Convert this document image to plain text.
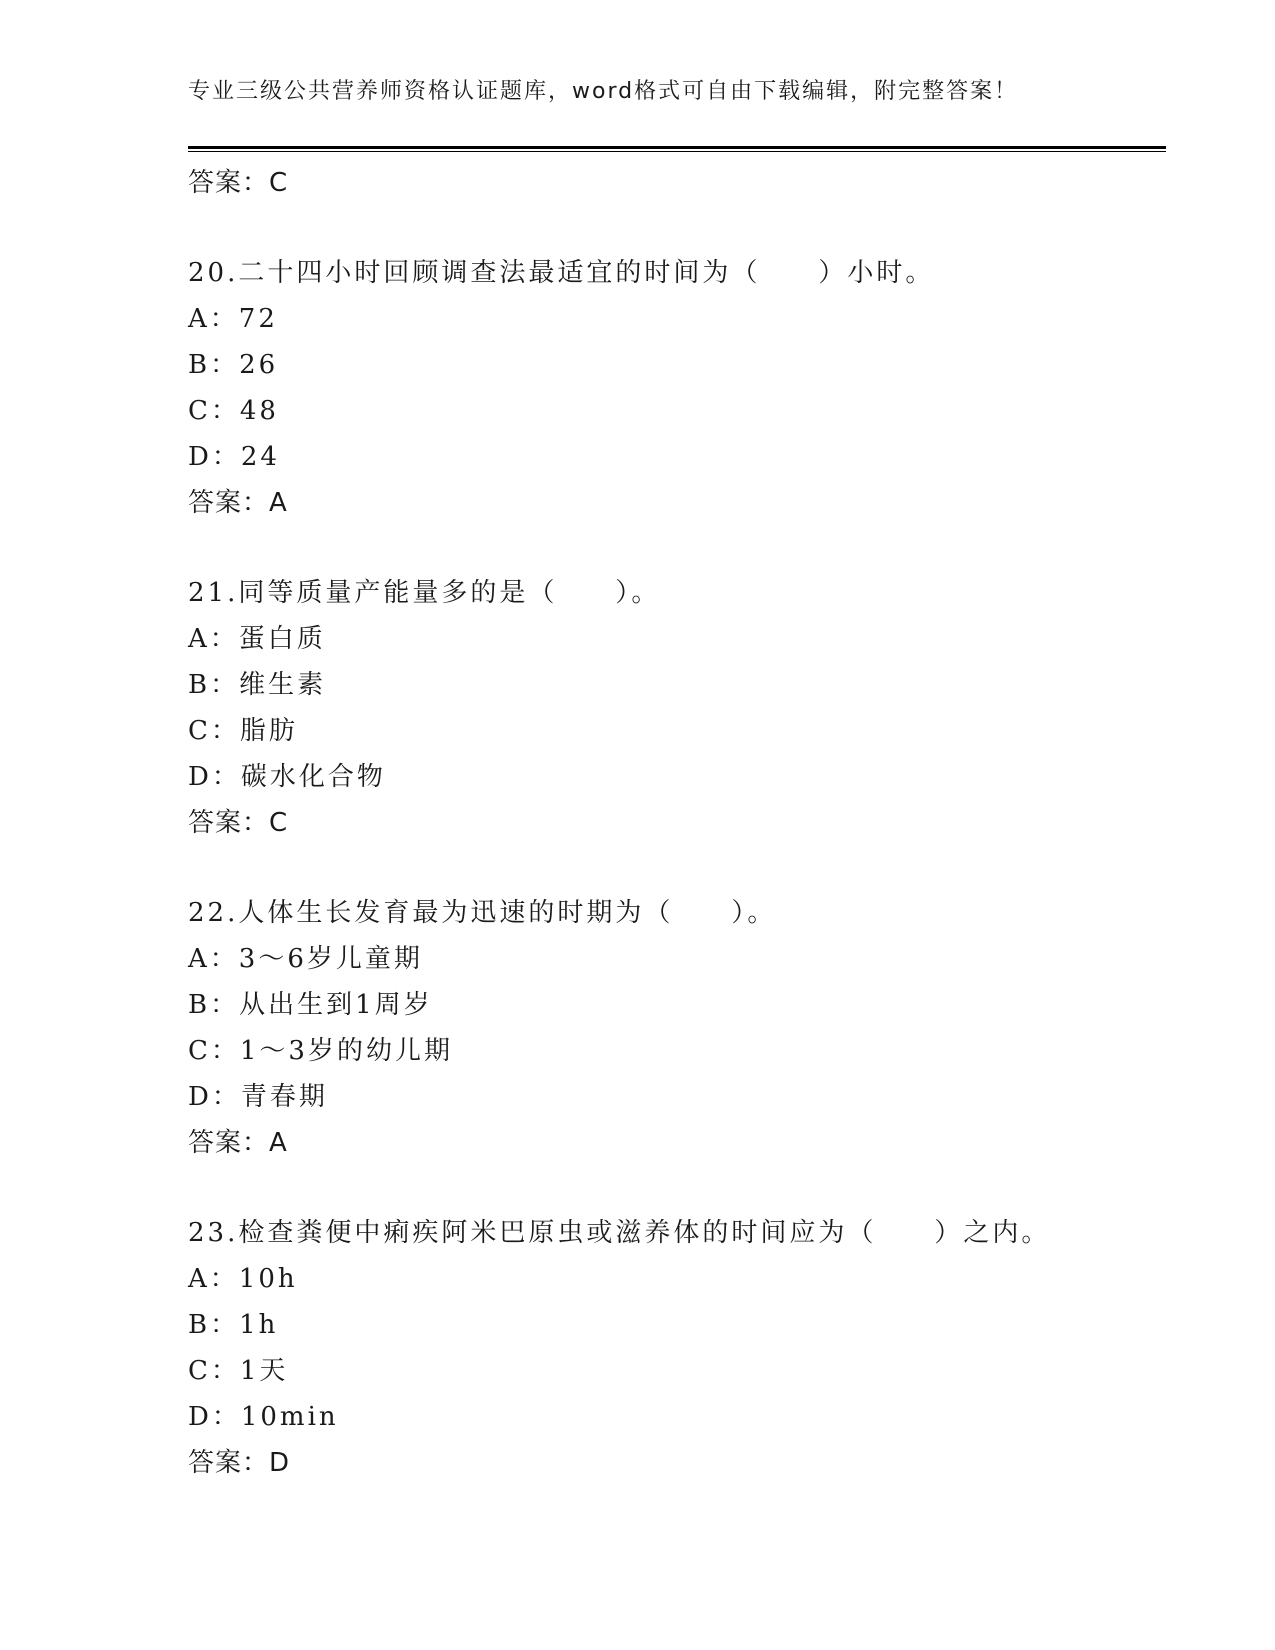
专业三级公共营养师资格认证题库，word格式可自由下载编辑，附完整答案！
答案：C
20.二十四小时回顾调查法最适宜的时间为（　　）小时。
A：72
B：26
C：48
D：24
答案：A
21.同等质量产能量多的是（　　）。
A：蛋白质
B：维生素
C：脂肪
D：碳水化合物
答案：C
22.人体生长发育最为迅速的时期为（　　）。
A：3～6岁儿童期
B：从出生到1周岁
C：1～3岁的幼儿期
D：青春期
答案：A
23.检查粪便中痢疾阿米巴原虫或滋养体的时间应为（　　）之内。
A：10h
B：1h
C：1天
D：10min
答案：D
